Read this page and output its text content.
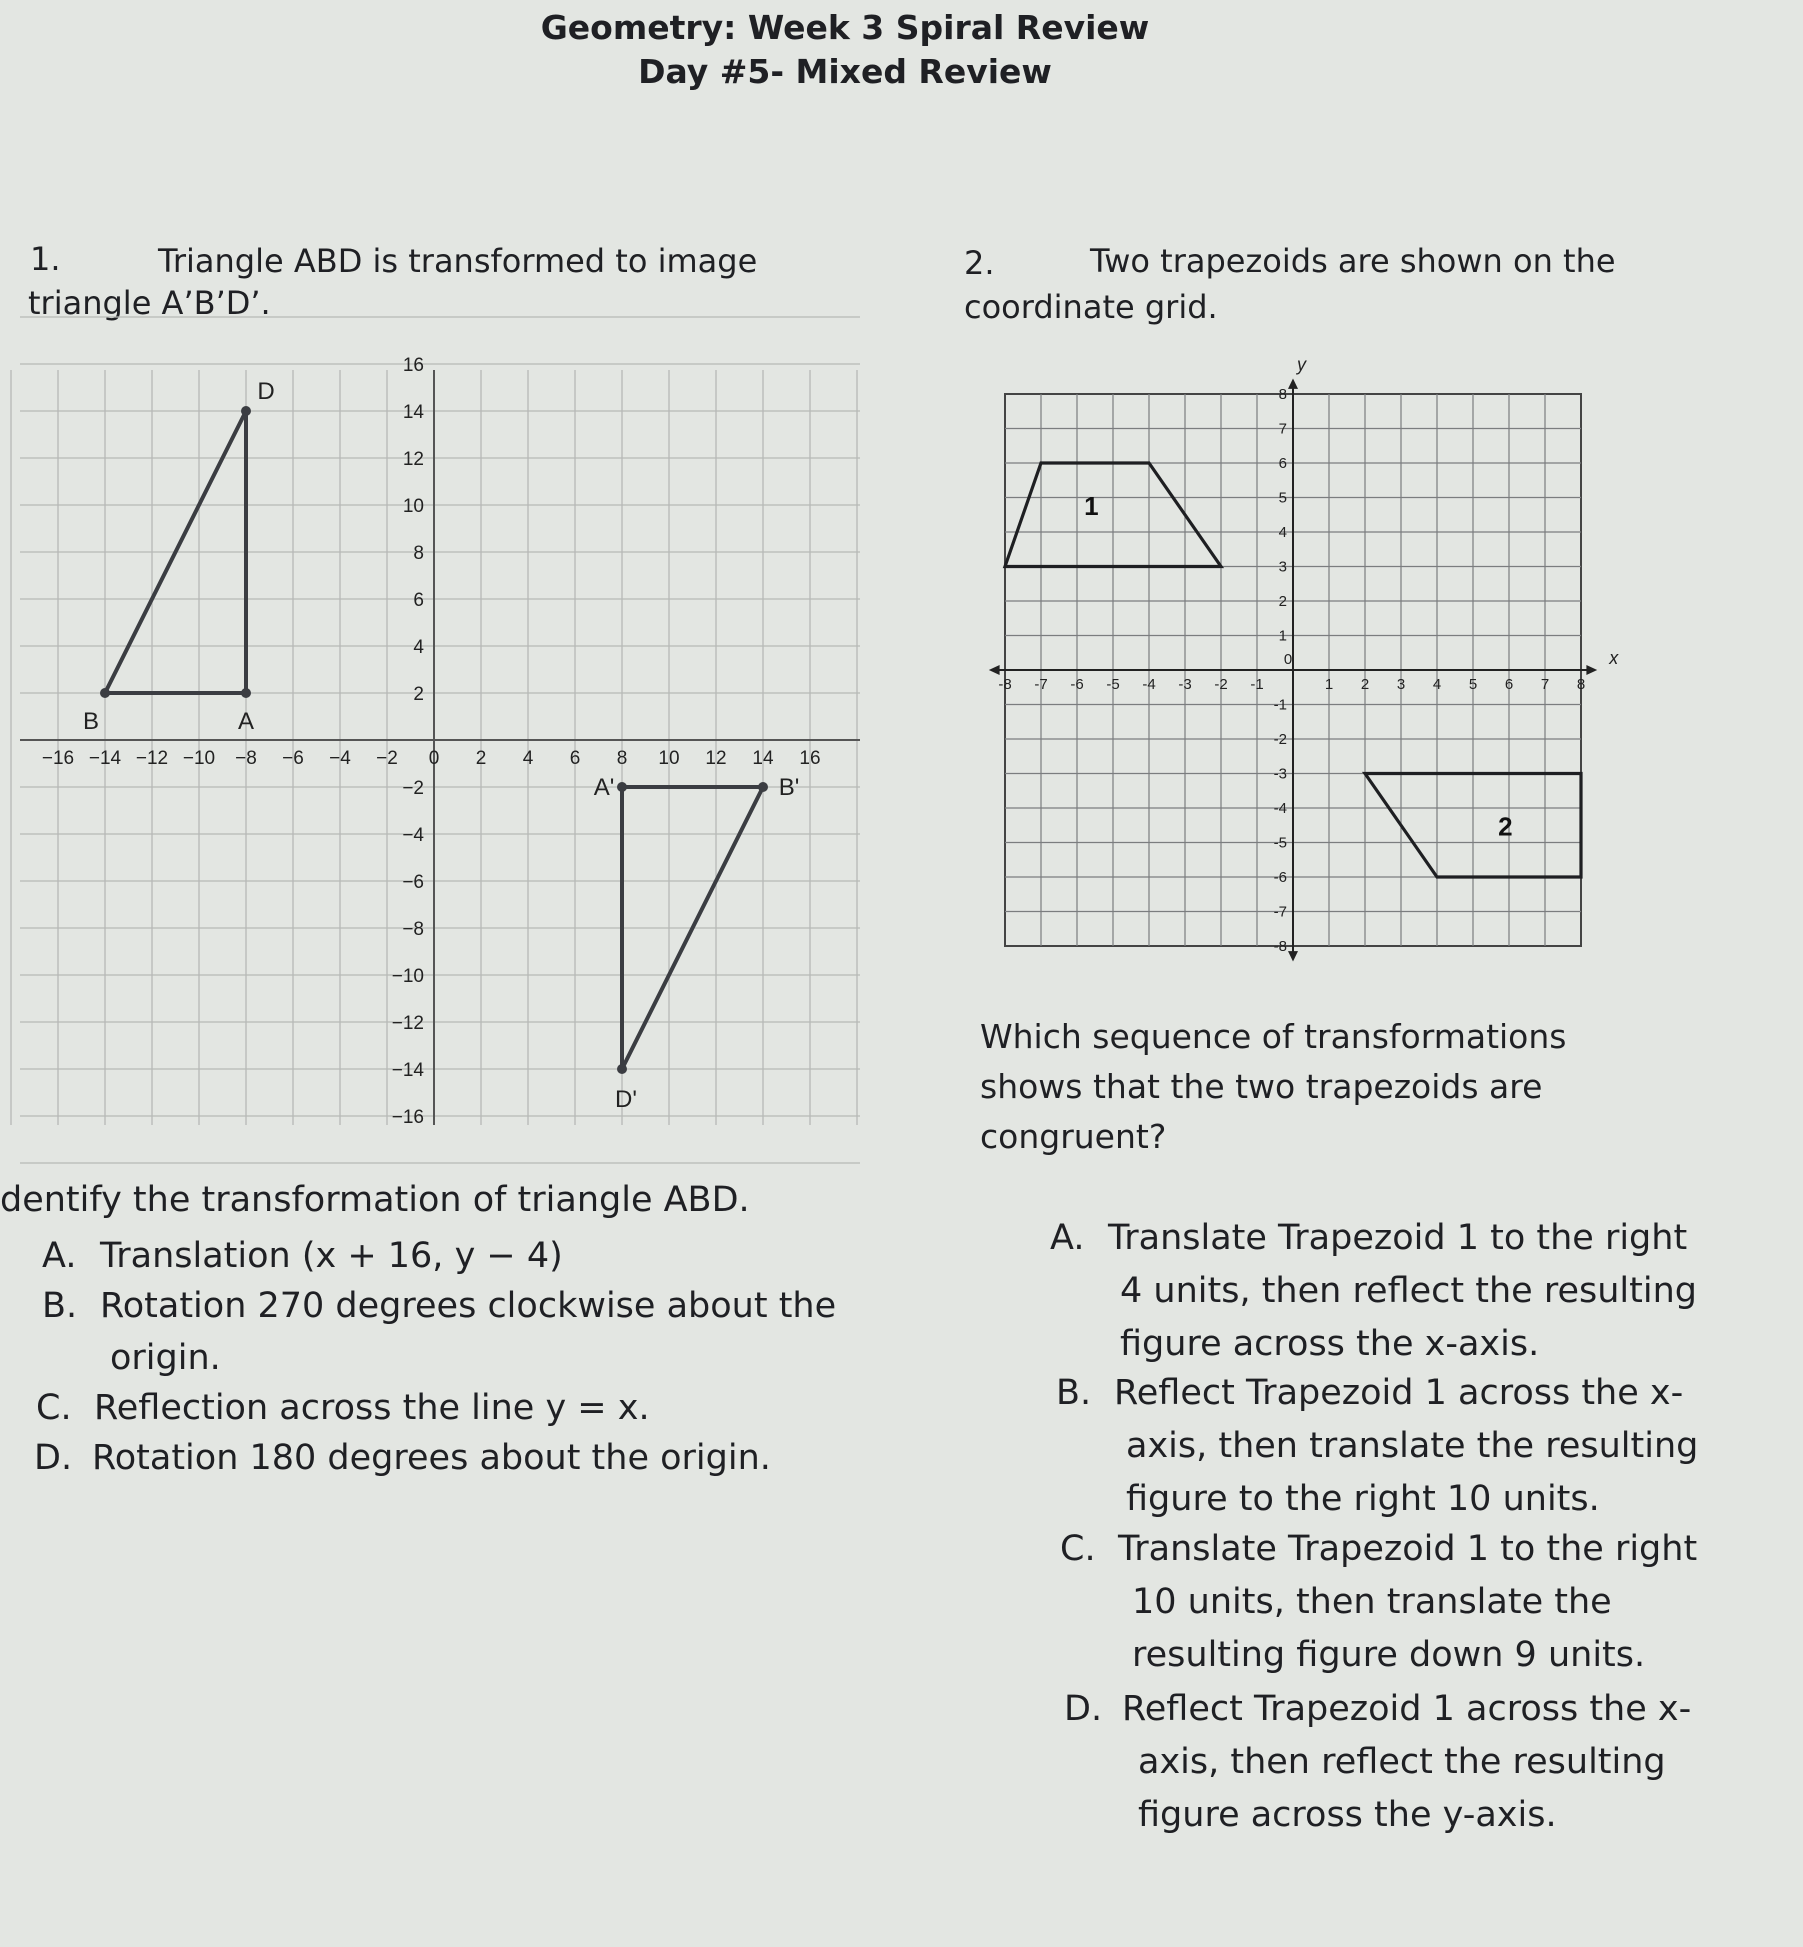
Geometry: Week 3 Spiral Review
Day #5- Mixed Review
1.	Triangle ABD is transformed to image
triangle A’B’D’.
2.	Two trapezoids are shown on the
coordinate grid.
−16 −14 −12 −10 −8 −6 −4 −2 0 2 4 6 8 10 12 14 16
16
14
12
10
8
6
4
2
−2
−4
−6
−8
−10
−12
−14
−16
D
B	A
A'	B'
D'
x
y
-8 -7 -6 -5 -4 -3 -2 -1
0
1 2 3 4 5 6 7 8
8
7
6
5
4
3
2
1
-1
-2
-3
-4
-5
-6
-7
-8
1
2
dentify the transformation of triangle ABD.
A. Translation (x + 16, y − 4)
B. Rotation 270 degrees clockwise about the
origin.
C. Reflection across the line y = x.
D. Rotation 180 degrees about the origin.
Which sequence of transformations
shows that the two trapezoids are
congruent?
A. Translate Trapezoid 1 to the right
4 units, then reflect the resulting
figure across the x-axis.
B. Reflect Trapezoid 1 across the x-
axis, then translate the resulting
figure to the right 10 units.
C. Translate Trapezoid 1 to the right
10 units, then translate the
resulting figure down 9 units.
D. Reflect Trapezoid 1 across the x-
axis, then reflect the resulting
figure across the y-axis.
